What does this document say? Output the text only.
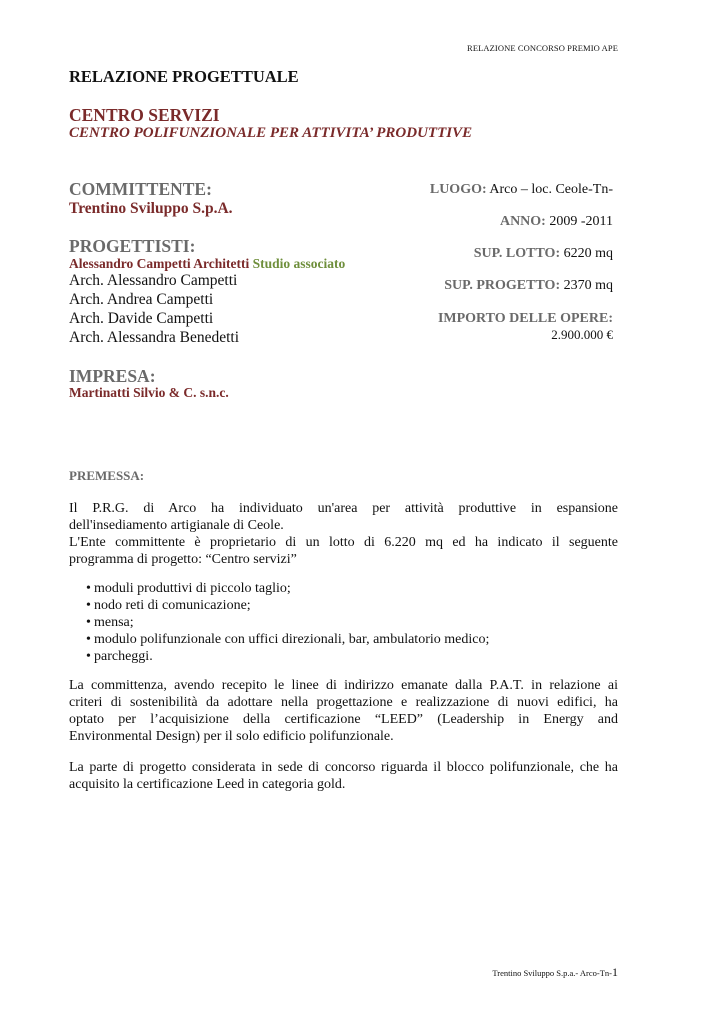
RELAZIONE CONCORSO PREMIO APE
RELAZIONE PROGETTUALE
CENTRO SERVIZI
CENTRO POLIFUNZIONALE PER ATTIVITA’ PRODUTTIVE
COMMITTENTE:
Trentino Sviluppo S.p.A.
PROGETTISTI:
Alessandro Campetti Architetti Studio associato
Arch. Alessandro Campetti
Arch. Andrea Campetti
Arch. Davide Campetti
Arch. Alessandra Benedetti
IMPRESA:
Martinatti Silvio & C. s.n.c.
LUOGO: Arco – loc. Ceole-Tn-
ANNO: 2009 -2011
SUP. LOTTO: 6220 mq
SUP. PROGETTO: 2370 mq
IMPORTO DELLE OPERE:
2.900.000 €
PREMESSA:
Il P.R.G. di Arco ha individuato un'area per attività produttive in espansione
dell'insediamento artigianale di Ceole.
L'Ente committente è proprietario di un lotto di 6.220 mq ed ha indicato il seguente
programma di progetto: “Centro servizi”
• moduli produttivi di piccolo taglio;
• nodo reti di comunicazione;
• mensa;
• modulo polifunzionale con uffici direzionali, bar, ambulatorio medico;
• parcheggi.
La committenza, avendo recepito le linee di indirizzo emanate dalla P.A.T. in relazione ai
criteri di sostenibilità da adottare nella progettazione e realizzazione di nuovi edifici, ha
optato per l’acquisizione della certificazione “LEED” (Leadership in Energy and
Environmental Design) per il solo edificio polifunzionale.
La parte di progetto considerata in sede di concorso riguarda il blocco polifunzionale, che ha
acquisito la certificazione Leed in categoria gold.
Trentino Sviluppo S.p.a.- Arco-Tn-1
